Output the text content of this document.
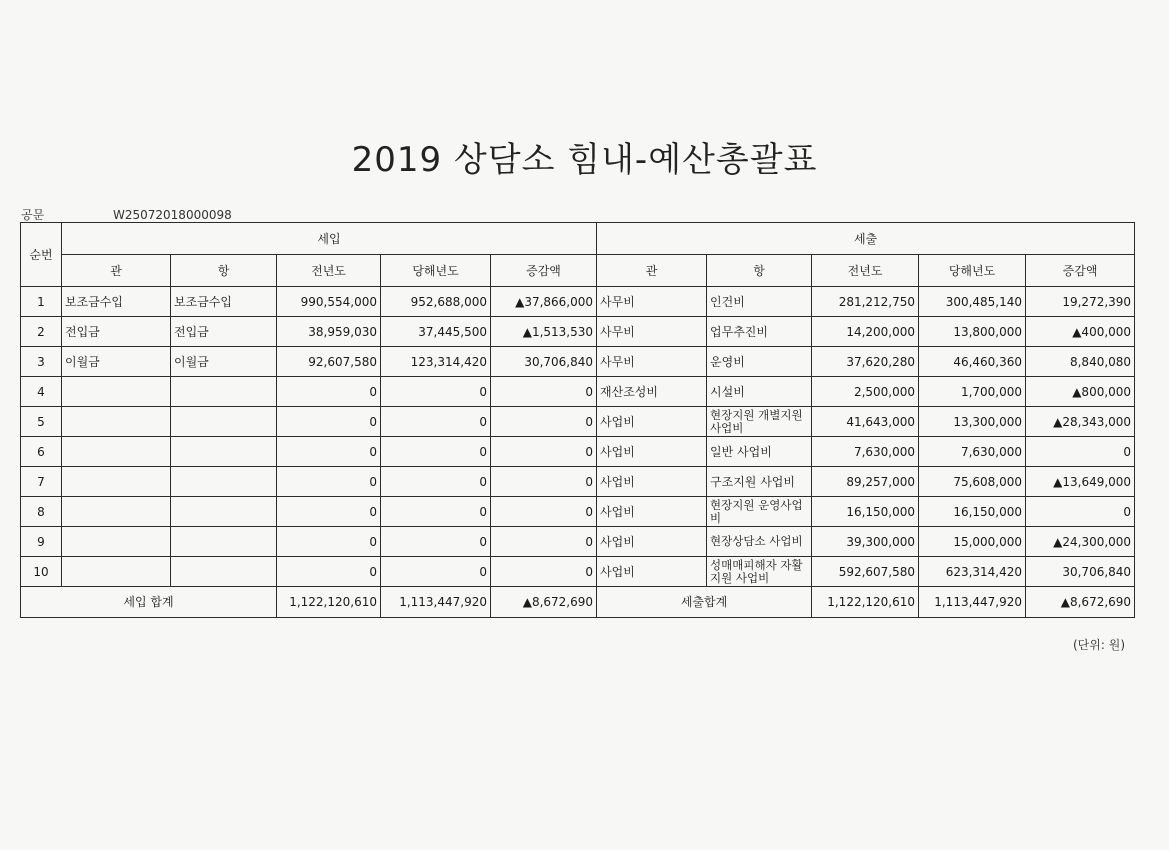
2019 상담소 힘내-예산총괄표
공문	W25072018000098
순번	세입					세출				
	관	항	전년도	당해년도	증감액	관	항	전년도	당해년도	증감액
1	보조금수입	보조금수입	990,554,000	952,688,000	▲37,866,000	사무비	인건비	281,212,750	300,485,140	19,272,390
2	전입금	전입금	38,959,030	37,445,500	▲1,513,530	사무비	업무추진비	14,200,000	13,800,000	▲400,000
3	이월금	이월금	92,607,580	123,314,420	30,706,840	사무비	운영비	37,620,280	46,460,360	8,840,080
4			0	0	0	재산조성비	시설비	2,500,000	1,700,000	▲800,000
5			0	0	0	사업비	현장지원 개별지원 사업비	41,643,000	13,300,000	▲28,343,000
6			0	0	0	사업비	일반 사업비	7,630,000	7,630,000	0
7			0	0	0	사업비	구조지원 사업비	89,257,000	75,608,000	▲13,649,000
8			0	0	0	사업비	현장지원 운영사업비	16,150,000	16,150,000	0
9			0	0	0	사업비	현장상담소 사업비	39,300,000	15,000,000	▲24,300,000
10			0	0	0	사업비	성매매피해자 자활지원 사업비	592,607,580	623,314,420	30,706,840
세입 합계			1,122,120,610	1,113,447,920	▲8,672,690	세출합계		1,122,120,610	1,113,447,920	▲8,672,690
(단위: 원)
